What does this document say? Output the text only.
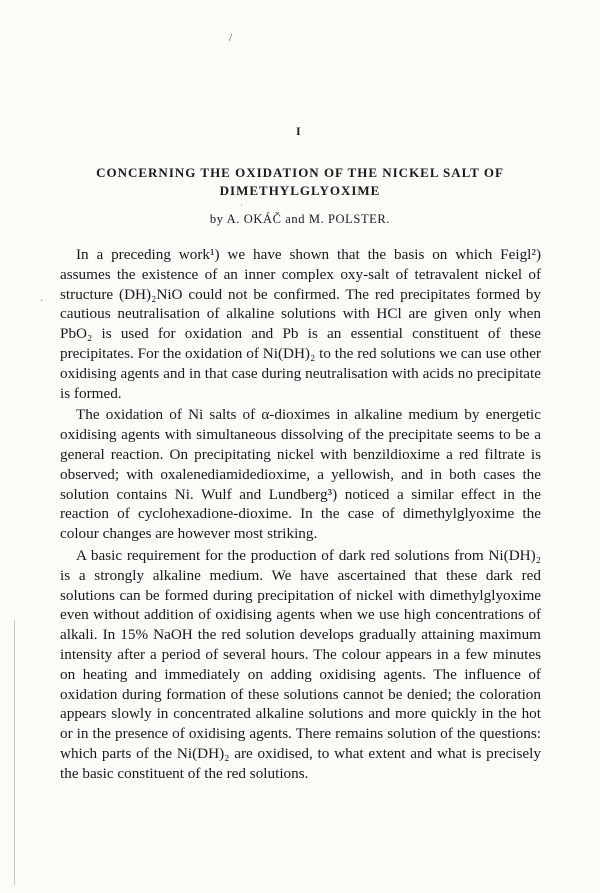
/
I
·
·
CONCERNING THE OXIDATION OF THE NICKEL SALT OF DIMETHYLGLYOXIME

by A. OKÁČ and M. POLSTER.

In a preceding work¹) we have shown that the basis on which Feigl²) assumes the existence of an inner complex oxy-salt of tetravalent nickel of structure (DH)₂NiO could not be confirmed. The red precipitates formed by cautious neutralisation of alkaline solutions with HCl are given only when PbO₂ is used for oxidation and Pb is an essential constituent of these precipitates. For the oxidation of Ni(DH)₂ to the red solutions we can use other oxidising agents and in that case during neutralisation with acids no precipitate is formed.

The oxidation of Ni salts of α-dioximes in alkaline medium by energetic oxidising agents with simultaneous dissolving of the precipitate seems to be a general reaction. On precipitating nickel with benzildioxime a red filtrate is observed; with oxalenediamidedioxime, a yellowish, and in both cases the solution contains Ni. Wulf and Lundberg³) noticed a similar effect in the reaction of cyclohexadione-dioxime. In the case of dimethylglyoxime the colour changes are however most striking.

A basic requirement for the production of dark red solutions from Ni(DH)₂ is a strongly alkaline medium. We have ascertained that these dark red solutions can be formed during precipitation of nickel with dimethylglyoxime even without addition of oxidising agents when we use high concentrations of alkali. In 15% NaOH the red solution develops gradually attaining maximum intensity after a period of several hours. The colour appears in a few minutes on heating and immediately on adding oxidising agents. The influence of oxidation during formation of these solutions cannot be denied; the coloration appears slowly in concentrated alkaline solutions and more quickly in the hot or in the presence of oxidising agents. There remains solution of the questions: which parts of the Ni(DH)₂ are oxidised, to what extent and what is precisely the basic constituent of the red solutions.
